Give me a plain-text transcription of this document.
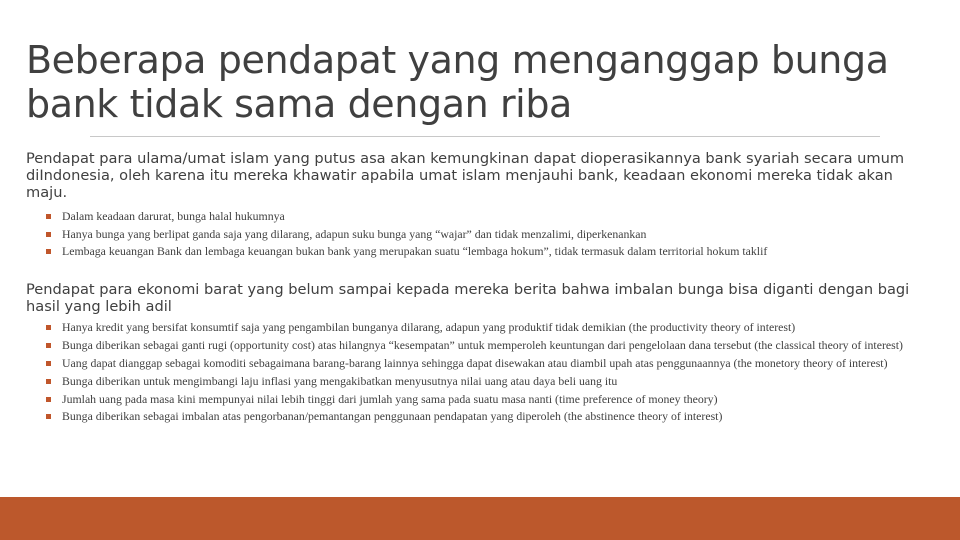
Beberapa pendapat yang menganggap bunga bank tidak sama dengan riba
Pendapat para ulama/umat islam yang putus asa akan kemungkinan dapat dioperasikannya bank syariah secara umum diIndonesia, oleh karena itu mereka khawatir apabila umat islam menjauhi bank, keadaan ekonomi mereka tidak akan maju.
Dalam keadaan darurat, bunga halal hukumnya
Hanya bunga yang berlipat ganda saja yang dilarang, adapun suku bunga yang “wajar” dan tidak menzalimi, diperkenankan
Lembaga keuangan Bank dan lembaga keuangan bukan bank yang merupakan suatu “lembaga hokum”, tidak termasuk dalam territorial hokum taklif
Pendapat para ekonomi barat yang belum sampai kepada mereka berita bahwa imbalan bunga bisa diganti dengan bagi hasil yang lebih adil
Hanya kredit yang bersifat konsumtif saja yang pengambilan bunganya dilarang, adapun yang produktif tidak demikian (the productivity theory of interest)
Bunga diberikan sebagai ganti rugi (opportunity cost) atas hilangnya “kesempatan” untuk memperoleh keuntungan dari pengelolaan dana tersebut (the classical theory of interest)
Uang dapat dianggap sebagai komoditi sebagaimana barang-barang lainnya sehingga dapat disewakan atau diambil upah atas penggunaannya (the monetory theory of interest)
Bunga diberikan untuk mengimbangi laju inflasi yang mengakibatkan menyusutnya nilai uang atau daya beli uang itu
Jumlah uang pada masa kini mempunyai nilai lebih tinggi dari jumlah yang sama pada suatu masa nanti (time preference of money theory)
Bunga diberikan sebagai imbalan atas pengorbanan/pemantangan penggunaan pendapatan yang diperoleh (the abstinence theory of interest)
